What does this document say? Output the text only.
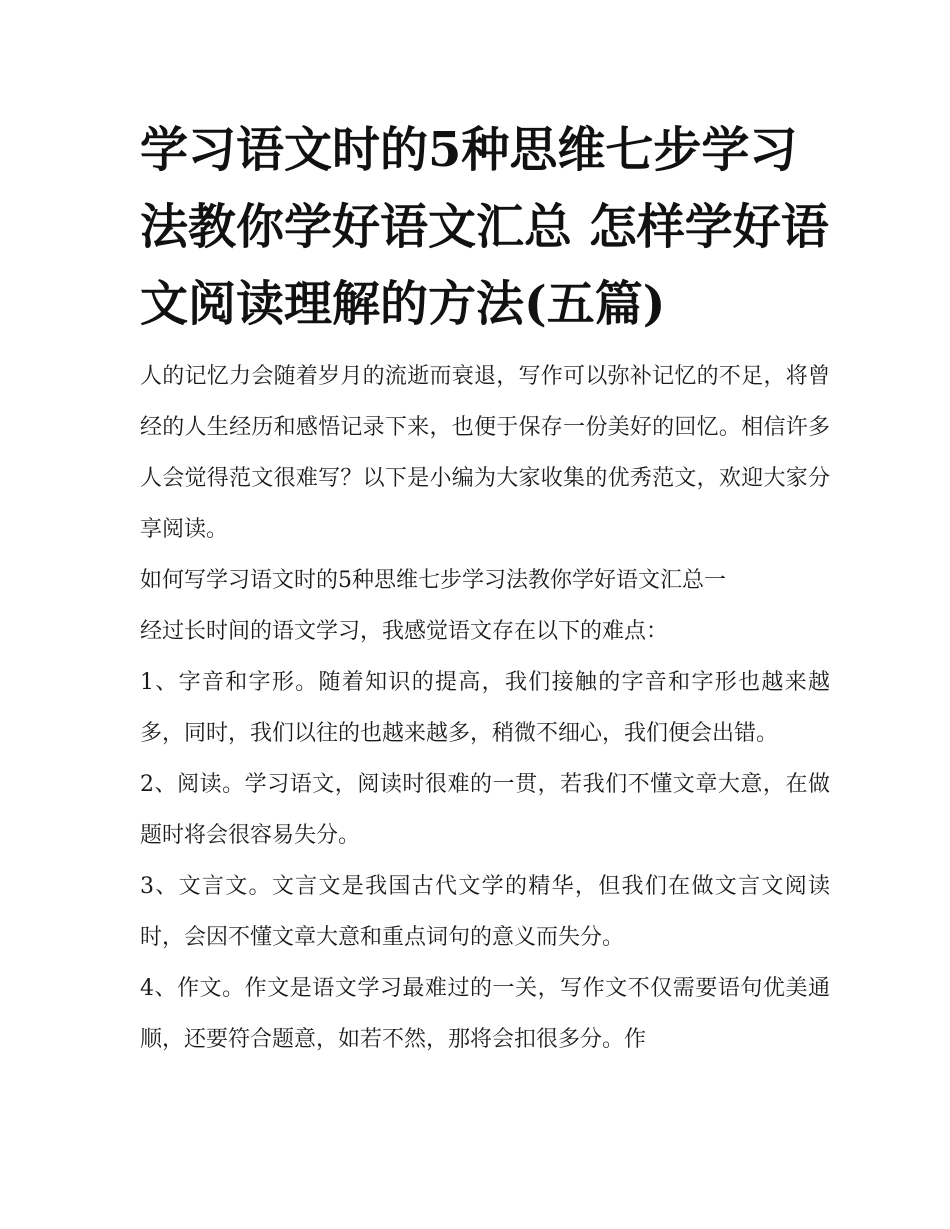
学习语文时的5种思维七步学习法教你学好语文汇总 怎样学好语文阅读理解的方法(五篇)

人的记忆力会随着岁月的流逝而衰退，写作可以弥补记忆的不足，将曾经的人生经历和感悟记录下来，也便于保存一份美好的回忆。相信许多人会觉得范文很难写？以下是小编为大家收集的优秀范文，欢迎大家分享阅读。

如何写学习语文时的5种思维七步学习法教你学好语文汇总一

经过长时间的语文学习，我感觉语文存在以下的难点：

1、字音和字形。随着知识的提高，我们接触的字音和字形也越来越多，同时，我们以往的也越来越多，稍微不细心，我们便会出错。

2、阅读。学习语文，阅读时很难的一贯，若我们不懂文章大意，在做题时将会很容易失分。

3、文言文。文言文是我国古代文学的精华，但我们在做文言文阅读时，会因不懂文章大意和重点词句的意义而失分。

4、作文。作文是语文学习最难过的一关，写作文不仅需要语句优美通顺，还要符合题意，如若不然，那将会扣很多分。作
